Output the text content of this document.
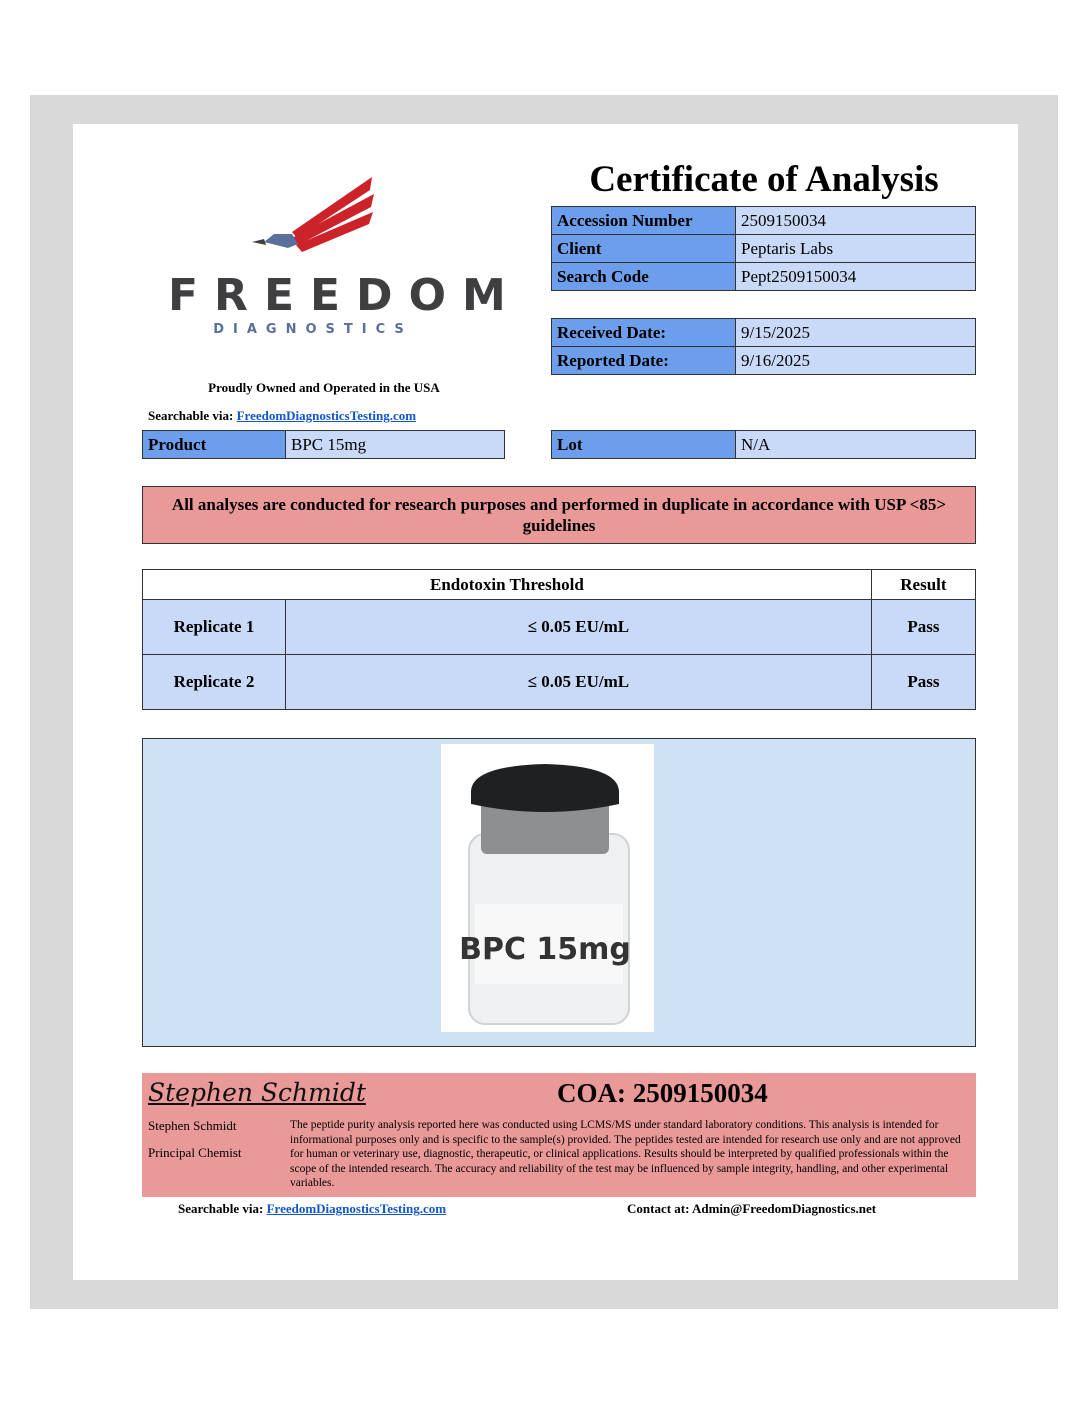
FREEDOM
DIAGNOSTICS
Proudly Owned and Operated in the USA
Searchable via: FreedomDiagnosticsTesting.com
Certificate of Analysis
Accession Number	2509150034
Client	Peptaris Labs
Search Code	Pept2509150034
Received Date:	9/15/2025
Reported Date:	9/16/2025
Product	BPC 15mg	Lot	N/A
All analyses are conducted for research purposes and performed in duplicate in accordance with USP <85> guidelines
Endotoxin Threshold		Result
Replicate 1	≤ 0.05 EU/mL	Pass
Replicate 2	≤ 0.05 EU/mL	Pass
BPC 15mg
Stephen Schmidt	COA: 2509150034
Stephen Schmidt
Principal Chemist
The peptide purity analysis reported here was conducted using LCMS/MS under standard laboratory conditions. This analysis is intended for informational purposes only and is specific to the sample(s) provided. The peptides tested are intended for research use only and are not approved for human or veterinary use, diagnostic, therapeutic, or clinical applications. Results should be interpreted by qualified professionals within the scope of the intended research. The accuracy and reliability of the test may be influenced by sample integrity, handling, and other experimental variables.
Searchable via: FreedomDiagnosticsTesting.com	Contact at: Admin@FreedomDiagnostics.net
